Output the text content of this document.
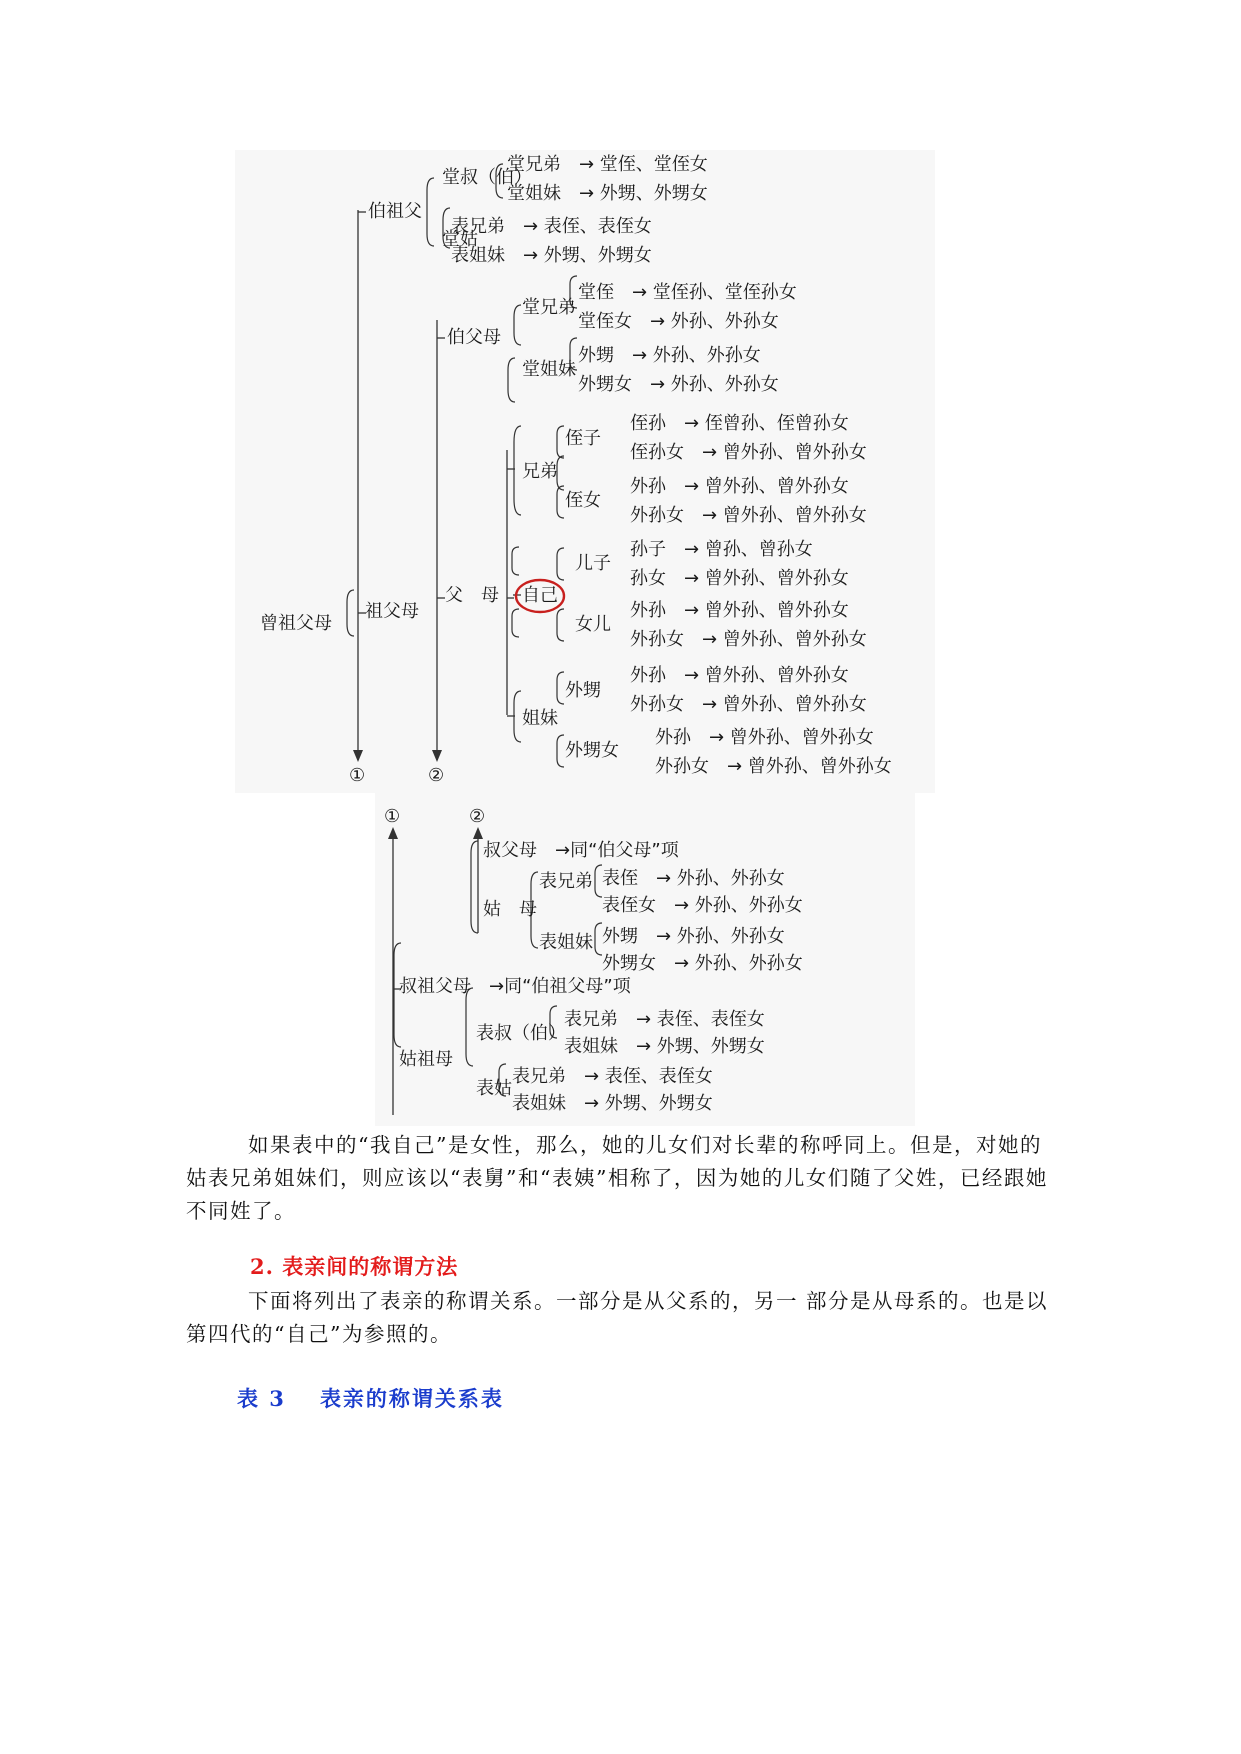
曾祖父母
伯祖父
堂叔（伯）
堂兄弟　→ 堂侄、堂侄女
堂姐妹　→ 外甥、外甥女
堂姑
表兄弟　→ 表侄、表侄女
表姐妹　→ 外甥、外甥女
祖父母
伯父母
堂兄弟
堂侄　→ 堂侄孙、堂侄孙女
堂侄女　→ 外孙、外孙女
堂姐妹
外甥　→ 外孙、外孙女
外甥女　→ 外孙、外孙女
父　母
兄弟
侄子
侄孙　→ 侄曾孙、侄曾孙女
侄孙女　→ 曾外孙、曾外孙女
侄女
外孙　→ 曾外孙、曾外孙女
外孙女　→ 曾外孙、曾外孙女
自己
儿子
孙子　→ 曾孙、曾孙女
孙女　→ 曾外孙、曾外孙女
女儿
外孙　→ 曾外孙、曾外孙女
外孙女　→ 曾外孙、曾外孙女
姐妹
外甥
外孙　→ 曾外孙、曾外孙女
外孙女　→ 曾外孙、曾外孙女
外甥女
外孙　→ 曾外孙、曾外孙女
外孙女　→ 曾外孙、曾外孙女
①	②
①	②
叔父母　→同“伯父母”项
姑　母
表兄弟 表侄　→ 外孙、外孙女
表侄女　→ 外孙、外孙女
表姐妹 外甥　→ 外孙、外孙女
外甥女　→ 外孙、外孙女
叔祖父母　→同“伯祖父母”项
姑祖母
表叔（伯）
表兄弟　→ 表侄、表侄女
表姐妹　→ 外甥、外甥女
表姑
表兄弟　→ 表侄、表侄女
表姐妹　→ 外甥、外甥女

如果表中的“我自己”是女性，那么，她的儿女们对长辈的称呼同上。但是，对她的姑表兄弟姐妹们，则应该以“表舅”和“表姨”相称了，因为她的儿女们随了父姓，已经跟她不同姓了。

2. 表亲间的称谓方法

下面将列出了表亲的称谓关系。一部分是从父系的，另一 部分是从母系的。也是以第四代的“自己”为参照的。

表 3 表亲的称谓关系表
